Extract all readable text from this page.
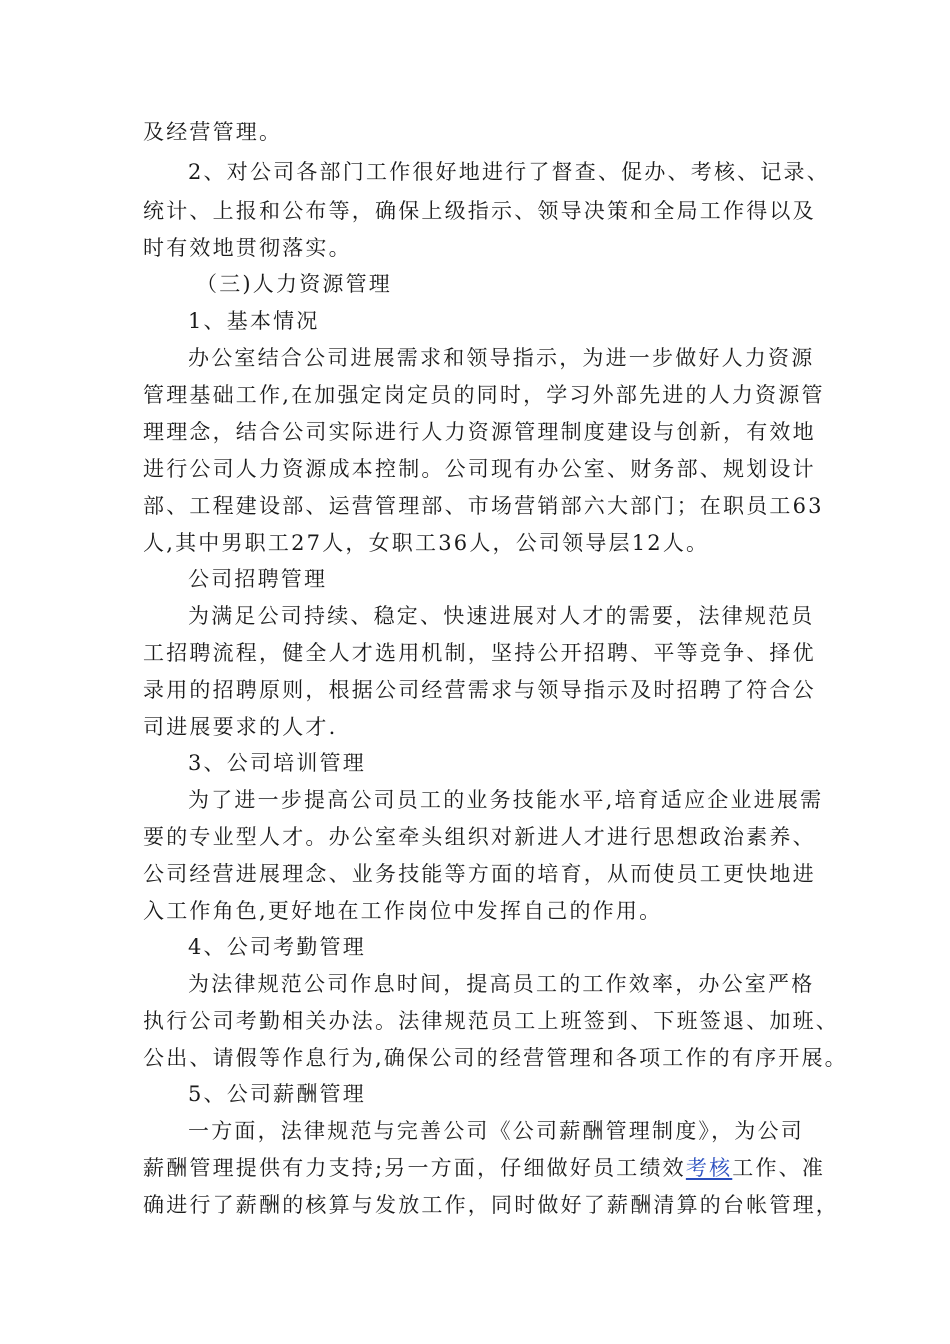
及经营管理。
2、对公司各部门工作很好地进行了督查、促办、考核、记录、
统计、上报和公布等，确保上级指示、领导决策和全局工作得以及
时有效地贯彻落实。
（三)人力资源管理
1、基本情况
办公室结合公司进展需求和领导指示，为进一步做好人力资源
管理基础工作,在加强定岗定员的同时，学习外部先进的人力资源管
理理念，结合公司实际进行人力资源管理制度建设与创新，有效地
进行公司人力资源成本控制。公司现有办公室、财务部、规划设计
部、工程建设部、运营管理部、市场营销部六大部门；在职员工63
人,其中男职工27人，女职工36人，公司领导层12人。
公司招聘管理
为满足公司持续、稳定、快速进展对人才的需要，法律规范员
工招聘流程，健全人才选用机制，坚持公开招聘、平等竞争、择优
录用的招聘原则，根据公司经营需求与领导指示及时招聘了符合公
司进展要求的人才.
3、公司培训管理
为了进一步提高公司员工的业务技能水平,培育适应企业进展需
要的专业型人才。办公室牵头组织对新进人才进行思想政治素养、
公司经营进展理念、业务技能等方面的培育，从而使员工更快地进
入工作角色,更好地在工作岗位中发挥自己的作用。
4、公司考勤管理
为法律规范公司作息时间，提高员工的工作效率，办公室严格
执行公司考勤相关办法。法律规范员工上班签到、下班签退、加班、
公出、请假等作息行为,确保公司的经营管理和各项工作的有序开展。
5、公司薪酬管理
一方面，法律规范与完善公司《公司薪酬管理制度》，为公司
薪酬管理提供有力支持;另一方面，仔细做好员工绩效考核工作、准
确进行了薪酬的核算与发放工作，同时做好了薪酬清算的台帐管理，
